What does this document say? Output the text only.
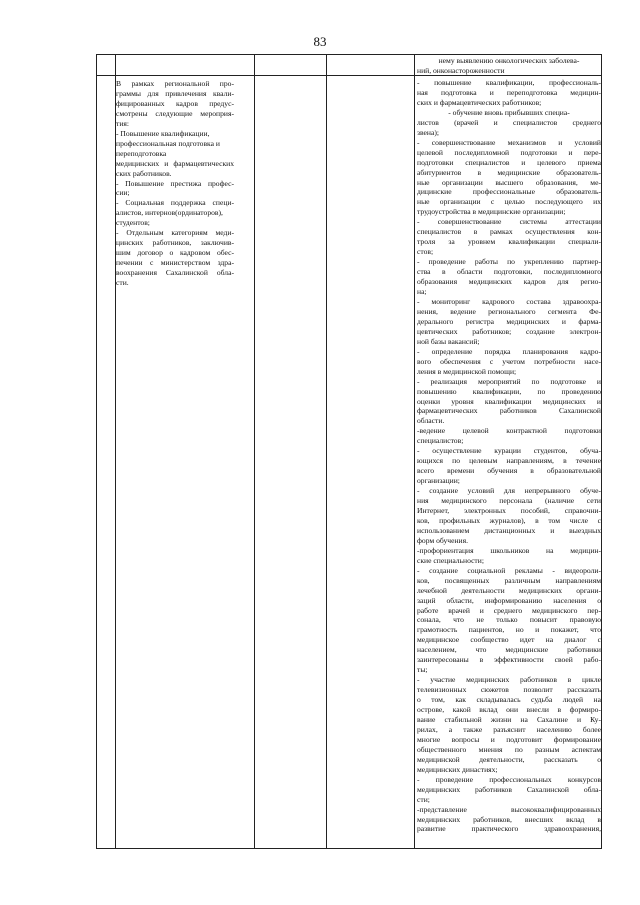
83

нему выявлению онкологических заболева-

ний, онконастороженности

В рамках региональной про-

граммы для привлечения квали-

фицированных кадров предус-

смотрены следующие мероприя-

тия:

- Повышение квалификации,

профессиональная подготовка и

переподготовка

медицинских и фармацевтических

ских работников.

- Повышение престижа профес-

сии;

- Социальная поддержка специ-

алистов, интернов(ординаторов),

студентов;

- Отдельным категориям меди-

цинских работников, заключив-

шим договор о кадровом обес-

печении с министерством здра-

воохранения Сахалинской обла-

сти.

- повышение квалификации, профессиональ-

ная подготовка и переподготовка медицин-

ских и фармацевтических работников;

- обучение вновь прибывших специа-

листов (врачей и специалистов среднего

звена);

- совершенствование механизмов и условий

целевой последипломной подготовки и пере-

подготовки специалистов и целевого приема

абитуриентов в медицинские образователь-

ные организации высшего образования, ме-

дицинские профессиональные образователь-

ные организации с целью последующего их

трудоустройства в медицинские организации;

- совершенствование системы аттестации

специалистов в рамках осуществления кон-

троля за уровнем квалификации специали-

стов;

- проведение работы по укреплению партнер-

ства в области подготовки, последипломного

образования медицинских кадров для регио-

на;

- мониторинг кадрового состава здравоохра-

нения, ведение регионального сегмента Фе-

дерального регистра медицинских и фарма-

цевтических работников; создание электрон-

ной базы вакансий;

- определение порядка планирования кадро-

вого обеспечения с учетом потребности насе-

ления в медицинской помощи;

- реализация мероприятий по подготовке и

повышению квалификации, по проведению

оценки уровня квалификации медицинских и

фармацевтических работников Сахалинской

области.

-ведение целевой контрактной подготовки

специалистов;

- осуществление курации студентов, обуча-

ющихся по целевым направлениям, в течение

всего времени обучения в образовательной

организации;

- создание условий для непрерывного обуче-

ния медицинского персонала (наличие сети

Интернет, электронных пособий, справочни-

ков, профильных журналов), в том числе с

использованием дистанционных и выездных

форм обучения.

-профориентация школьников на медицин-

ские специальности;

- создание социальной рекламы - видеороли-

ков, посвященных различным направлениям

лечебной деятельности медицинских органи-

заций области, информированию населения о

работе врачей и среднего медицинского пер-

сонала, что не только повысит правовую

грамотность пациентов, но и покажет, что

медицинское сообщество идет на диалог с

населением, что медицинские работники

заинтересованы в эффективности своей рабо-

ты;

- участие медицинских работников в цикле

телевизионных сюжетов позволит рассказать

о том, как складывалась судьба людей на

острове, какой вклад они внесли в формиро-

вание стабильной жизни на Сахалине и Ку-

рилах, а также разъяснит населению более

многие вопросы и подготовит формирование

общественного мнения по разным аспектам

медицинской деятельности, рассказать о

медицинских династиях;

- проведение профессиональных конкурсов

медицинских работников Сахалинской обла-

сти;

-представление высококвалифицированных

медицинских работников, внесших вклад в

развитие практического здравоохранения,
